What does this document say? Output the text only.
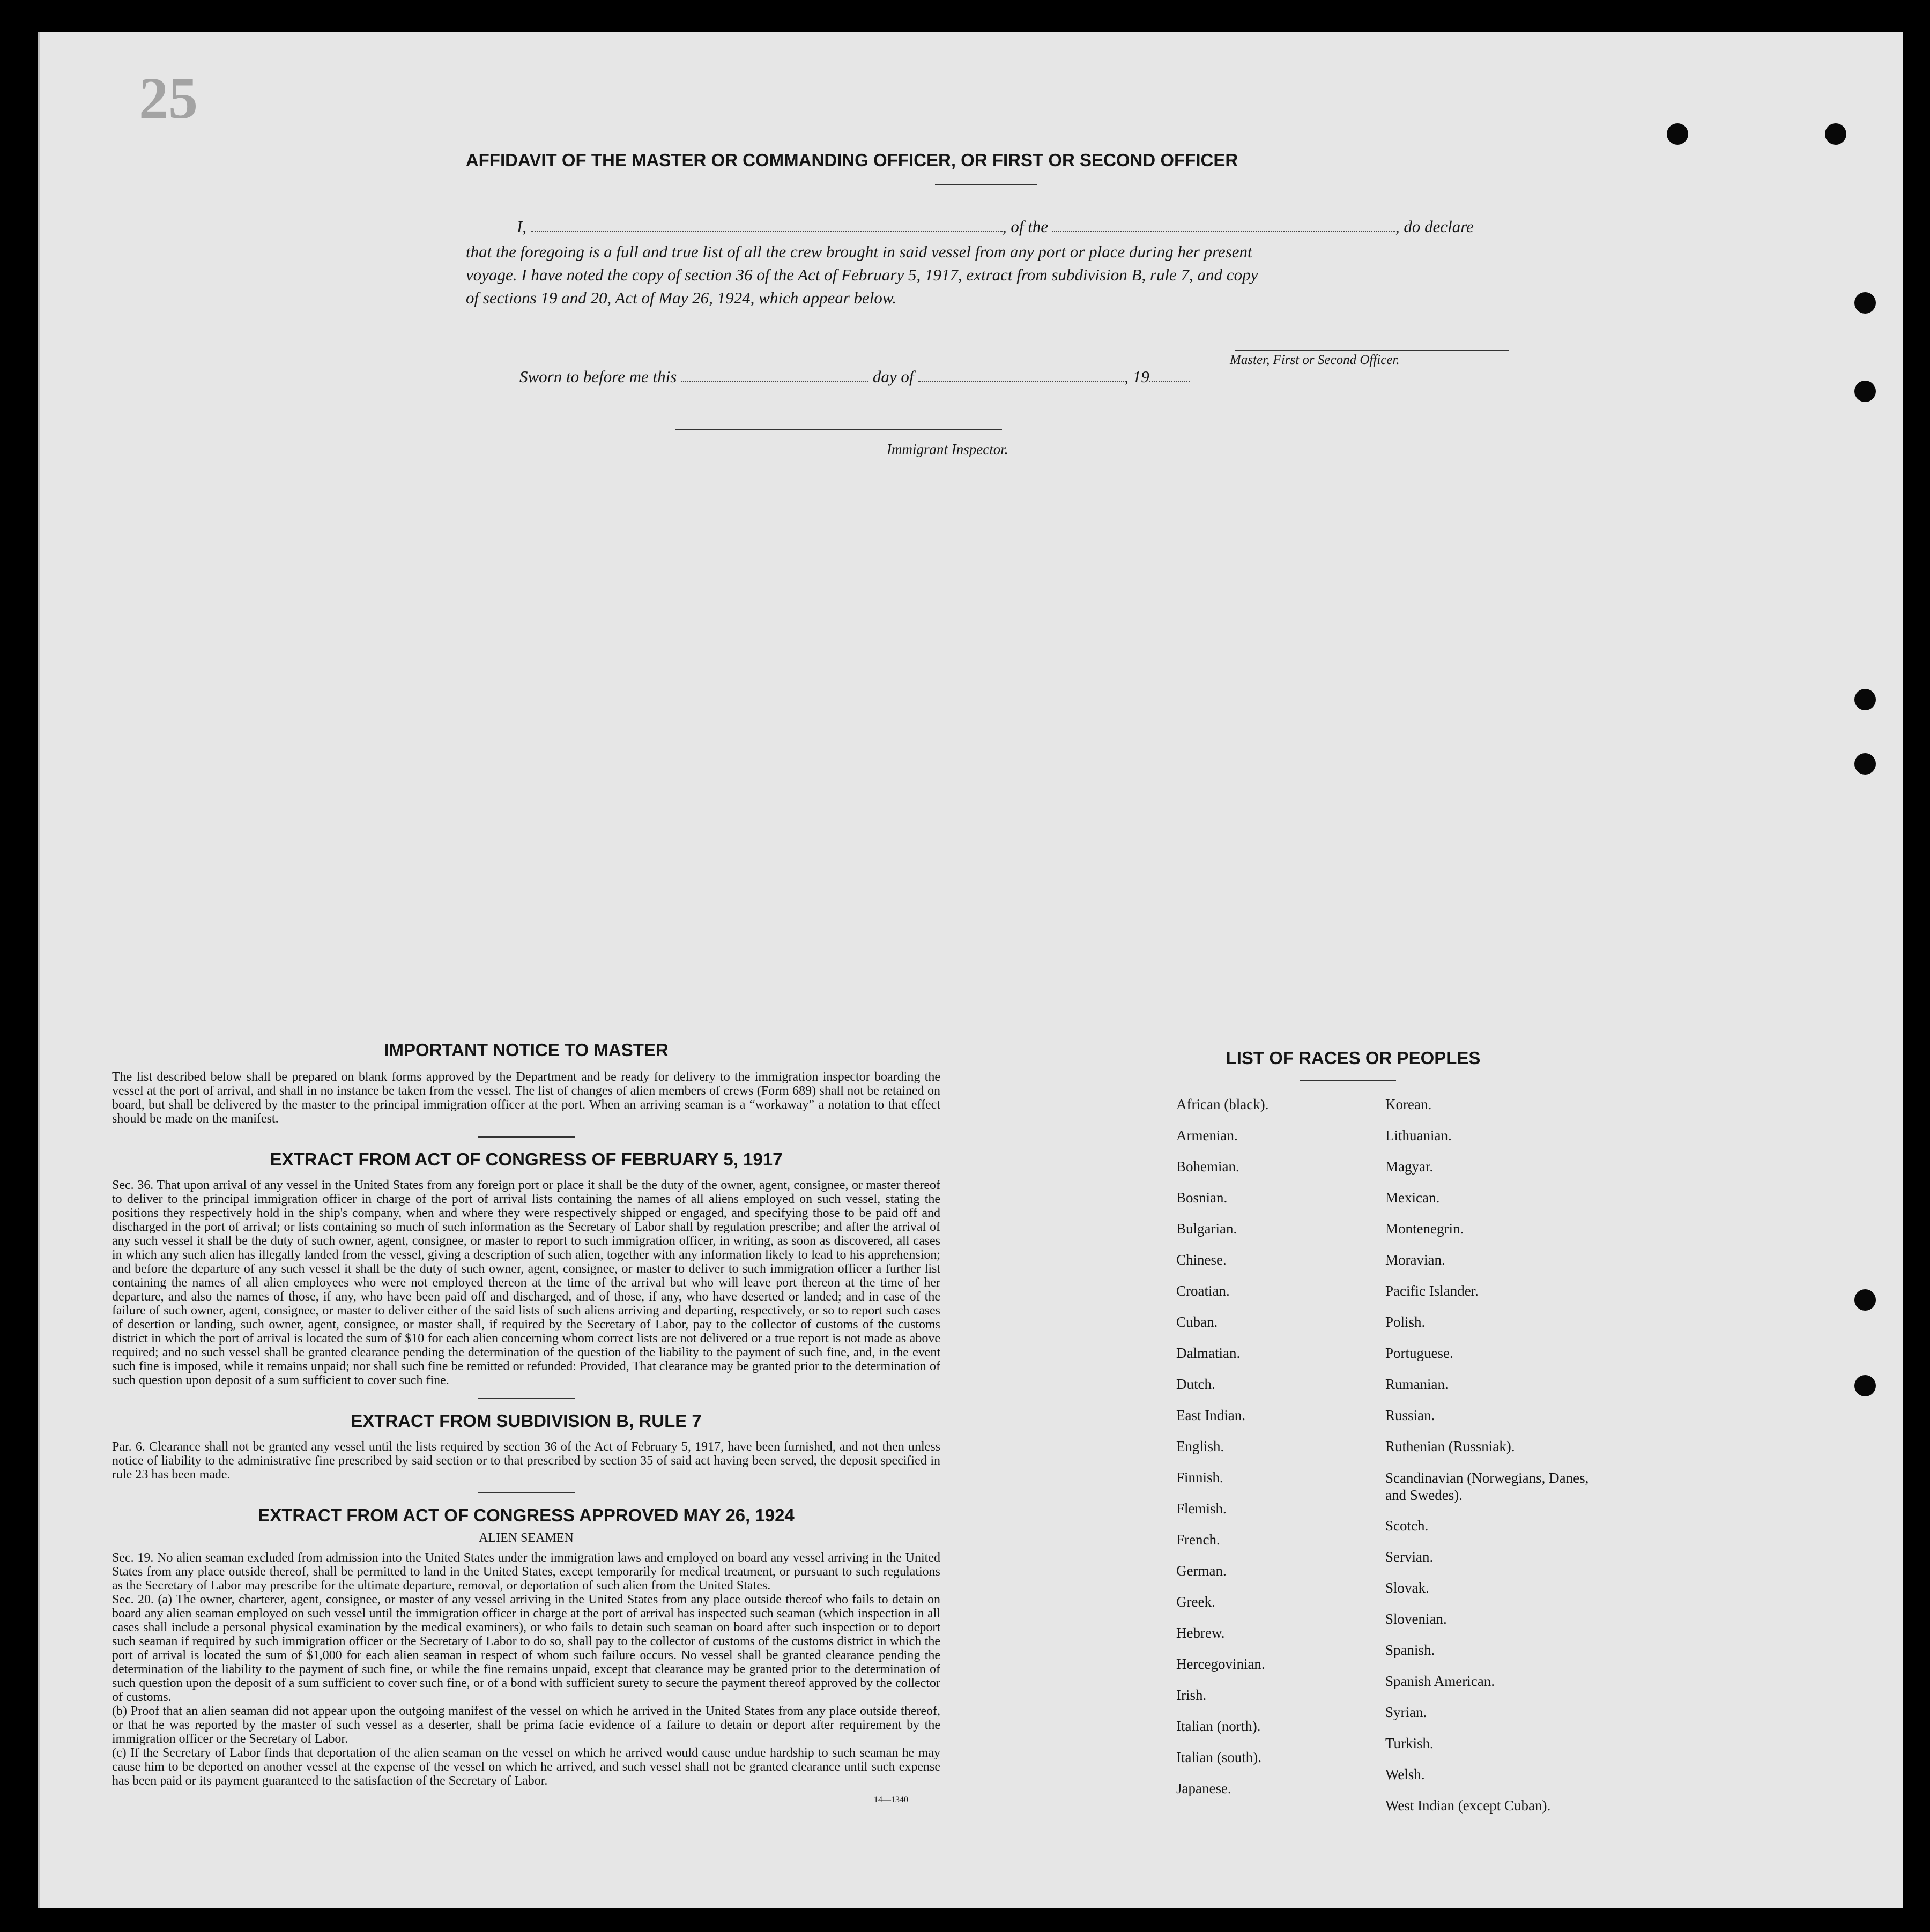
25
AFFIDAVIT OF THE MASTER OR COMMANDING OFFICER, OR FIRST OR SECOND OFFICER
I,	, of the	, do declare
that the foregoing is a full and true list of all the crew brought in said vessel from any port or place during her present
voyage. I have noted the copy of section 36 of the Act of February 5, 1917, extract from subdivision B, rule 7, and copy
of sections 19 and 20, Act of May 26, 1924, which appear below.
Master, First or Second Officer.
Sworn to before me this	day of	, 19
Immigrant Inspector.
IMPORTANT NOTICE TO MASTER
The list described below shall be prepared on blank forms approved by the Department and be ready for delivery to the immigration inspector boarding the vessel at the port of arrival, and shall in no instance be taken from the vessel. The list of changes of alien members of crews (Form 689) shall not be retained on board, but shall be delivered by the master to the principal immigration officer at the port. When an arriving seaman is a “workaway” a notation to that effect should be made on the manifest.
EXTRACT FROM ACT OF CONGRESS OF FEBRUARY 5, 1917
Sec. 36. That upon arrival of any vessel in the United States from any foreign port or place it shall be the duty of the owner, agent, consignee, or master thereof to deliver to the principal immigration officer in charge of the port of arrival lists containing the names of all aliens employed on such vessel, stating the positions they respectively hold in the ship's company, when and where they were respectively shipped or engaged, and specifying those to be paid off and discharged in the port of arrival; or lists containing so much of such information as the Secretary of Labor shall by regulation prescribe; and after the arrival of any such vessel it shall be the duty of such owner, agent, consignee, or master to report to such immigration officer, in writing, as soon as discovered, all cases in which any such alien has illegally landed from the vessel, giving a description of such alien, together with any information likely to lead to his apprehension; and before the departure of any such vessel it shall be the duty of such owner, agent, consignee, or master to deliver to such immigration officer a further list containing the names of all alien employees who were not employed thereon at the time of the arrival but who will leave port thereon at the time of her departure, and also the names of those, if any, who have been paid off and discharged, and of those, if any, who have deserted or landed; and in case of the failure of such owner, agent, consignee, or master to deliver either of the said lists of such aliens arriving and departing, respectively, or so to report such cases of desertion or landing, such owner, agent, consignee, or master shall, if required by the Secretary of Labor, pay to the collector of customs of the customs district in which the port of arrival is located the sum of $10 for each alien concerning whom correct lists are not delivered or a true report is not made as above required; and no such vessel shall be granted clearance pending the determination of the question of the liability to the payment of such fine, and, in the event such fine is imposed, while it remains unpaid; nor shall such fine be remitted or refunded: Provided, That clearance may be granted prior to the determination of such question upon deposit of a sum sufficient to cover such fine.
EXTRACT FROM SUBDIVISION B, RULE 7
Par. 6. Clearance shall not be granted any vessel until the lists required by section 36 of the Act of February 5, 1917, have been furnished, and not then unless notice of liability to the administrative fine prescribed by said section or to that prescribed by section 35 of said act having been served, the deposit specified in rule 23 has been made.
EXTRACT FROM ACT OF CONGRESS APPROVED MAY 26, 1924
ALIEN SEAMEN
Sec. 19. No alien seaman excluded from admission into the United States under the immigration laws and employed on board any vessel arriving in the United States from any place outside thereof, shall be permitted to land in the United States, except temporarily for medical treatment, or pursuant to such regulations as the Secretary of Labor may prescribe for the ultimate departure, removal, or deportation of such alien from the United States.
Sec. 20. (a) The owner, charterer, agent, consignee, or master of any vessel arriving in the United States from any place outside thereof who fails to detain on board any alien seaman employed on such vessel until the immigration officer in charge at the port of arrival has inspected such seaman (which inspection in all cases shall include a personal physical examination by the medical examiners), or who fails to detain such seaman on board after such inspection or to deport such seaman if required by such immigration officer or the Secretary of Labor to do so, shall pay to the collector of customs of the customs district in which the port of arrival is located the sum of $1,000 for each alien seaman in respect of whom such failure occurs. No vessel shall be granted clearance pending the determination of the liability to the payment of such fine, or while the fine remains unpaid, except that clearance may be granted prior to the determination of such question upon the deposit of a sum sufficient to cover such fine, or of a bond with sufficient surety to secure the payment thereof approved by the collector of customs.
(b) Proof that an alien seaman did not appear upon the outgoing manifest of the vessel on which he arrived in the United States from any place outside thereof, or that he was reported by the master of such vessel as a deserter, shall be prima facie evidence of a failure to detain or deport after requirement by the immigration officer or the Secretary of Labor.
(c) If the Secretary of Labor finds that deportation of the alien seaman on the vessel on which he arrived would cause undue hardship to such seaman he may cause him to be deported on another vessel at the expense of the vessel on which he arrived, and such vessel shall not be granted clearance until such expense has been paid or its payment guaranteed to the satisfaction of the Secretary of Labor.
14—1340
LIST OF RACES OR PEOPLES
African (black).
Armenian.
Bohemian.
Bosnian.
Bulgarian.
Chinese.
Croatian.
Cuban.
Dalmatian.
Dutch.
East Indian.
English.
Finnish.
Flemish.
French.
German.
Greek.
Hebrew.
Hercegovinian.
Irish.
Italian (north).
Italian (south).
Japanese.
Korean.
Lithuanian.
Magyar.
Mexican.
Montenegrin.
Moravian.
Pacific Islander.
Polish.
Portuguese.
Rumanian.
Russian.
Ruthenian (Russniak).
Scandinavian (Norwegians, Danes, and Swedes).
Scotch.
Servian.
Slovak.
Slovenian.
Spanish.
Spanish American.
Syrian.
Turkish.
Welsh.
West Indian (except Cuban).
